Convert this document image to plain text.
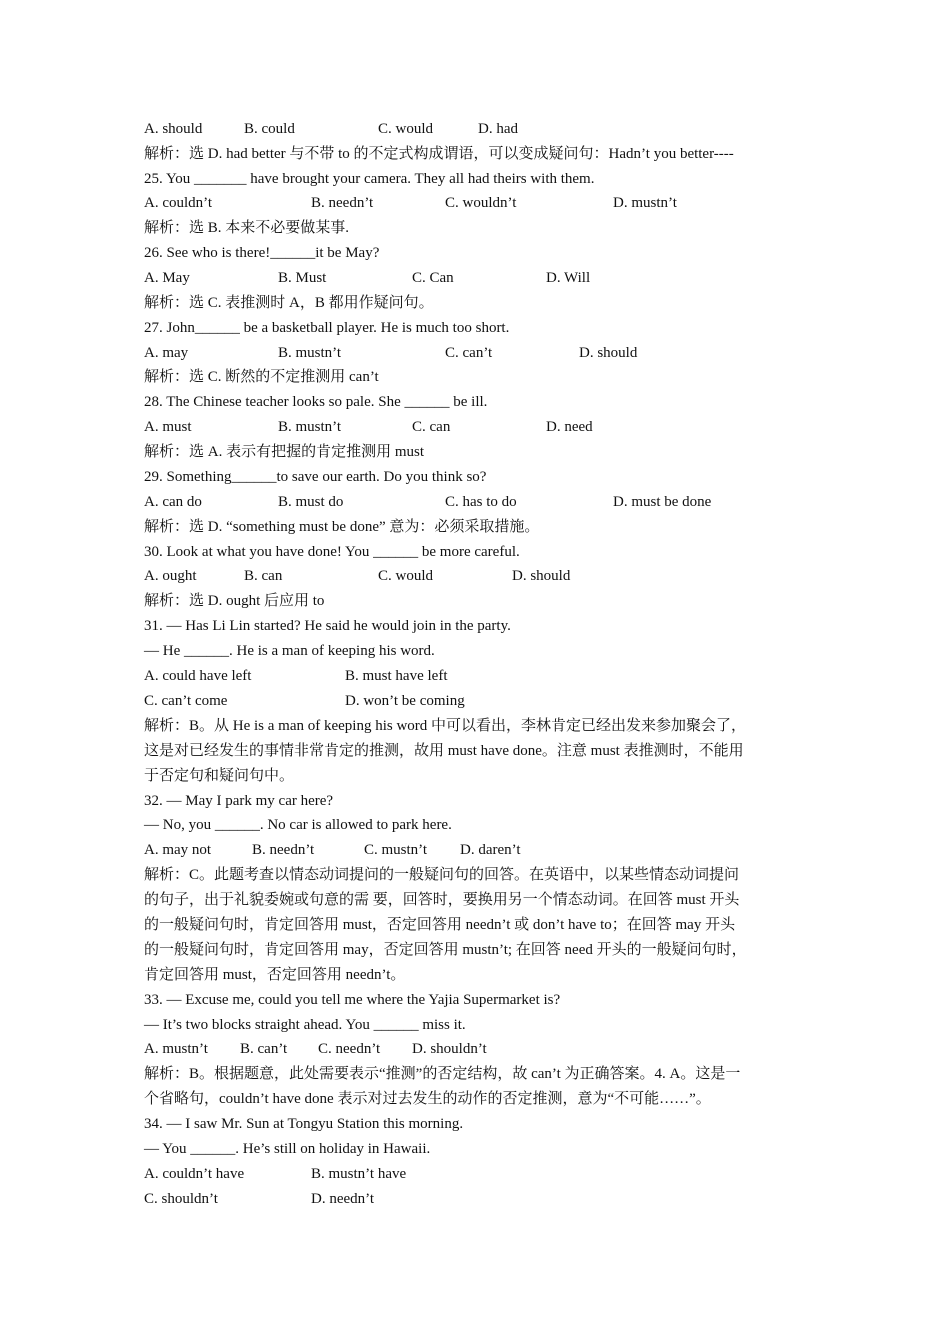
A. should	B. could	C. would	D. had
解析：选 D. had better 与不带 to 的不定式构成谓语，可以变成疑问句：Hadn’t you better----
25. You _______ have brought your camera. They all had theirs with them.
A. couldn’t	B. needn’t	C. wouldn’t	D. mustn’t
解析：选 B. 本来不必要做某事.
26. See who is there!______it be May?
A. May	B. Must	C. Can	D. Will
解析：选 C. 表推测时 A，B 都用作疑问句。
27. John______ be a basketball player. He is much too short.
A. may	B. mustn’t	C. can’t	D. should
解析：选 C. 断然的不定推测用 can’t
28. The Chinese teacher looks so pale. She ______ be ill.
A. must	B. mustn’t	C. can	D. need
解析：选 A. 表示有把握的肯定推测用 must
29. Something______to save our earth. Do you think so?
A. can do	B. must do	C. has to do	D. must be done
解析：选 D. “something must be done” 意为：必须采取措施。
30. Look at what you have done! You ______ be more careful.
A. ought	B. can	C. would	D. should
解析：选 D. ought 后应用 to
31. — Has Li Lin started? He said he would join in the party.
— He ______. He is a man of keeping his word.
A. could have left	B. must have left
C. can’t come	D. won’t be coming
解析：B。从 He is a man of keeping his word 中可以看出，李林肯定已经出发来参加聚会了，
这是对已经发生的事情非常肯定的推测，故用 must have done。注意 must 表推测时，不能用
于否定句和疑问句中。
32. — May I park my car here?
— No, you ______. No car is allowed to park here.
A. may not	B. needn’t	C. mustn’t D. daren’t
解析：C。此题考查以情态动词提问的一般疑问句的回答。在英语中，以某些情态动词提问
的句子，出于礼貌委婉或句意的需 要，回答时，要换用另一个情态动词。在回答 must 开头
的一般疑问句时，肯定回答用 must，否定回答用 needn’t 或 don’t have to；在回答 may 开头
的一般疑问句时，肯定回答用 may，否定回答用 mustn’t; 在回答 need 开头的一般疑问句时，
肯定回答用 must，否定回答用 needn’t。
33. — Excuse me, could you tell me where the Yajia Supermarket is?
— It’s two blocks straight ahead. You ______ miss it.
A. mustn’t B. can’t C. needn’t D. shouldn’t
解析：B。根据题意，此处需要表示“推测”的否定结构，故 can’t 为正确答案。4. A。这是一
个省略句，couldn’t have done 表示对过去发生的动作的否定推测，意为“不可能……”。
34. — I saw Mr. Sun at Tongyu Station this morning.
— You ______. He’s still on holiday in Hawaii.
A. couldn’t have	B. mustn’t have
C. shouldn’t	D. needn’t
